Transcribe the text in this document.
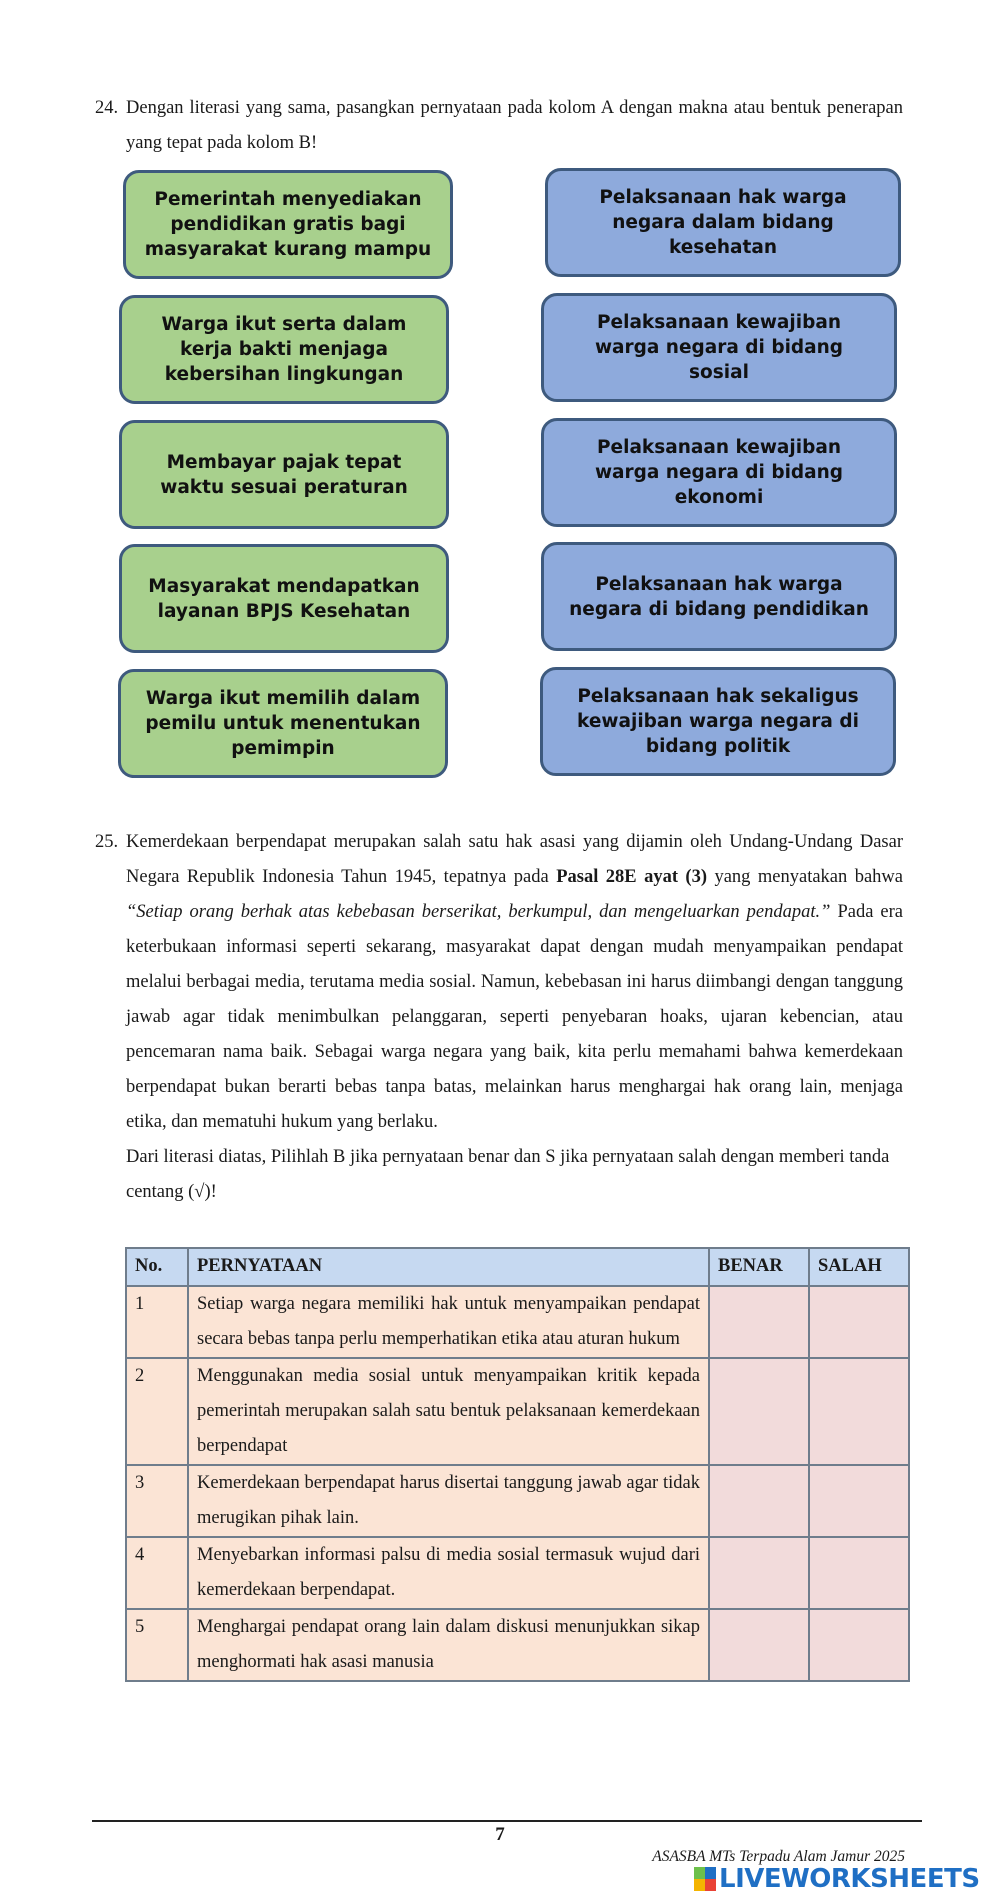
24. Dengan literasi yang sama, pasangkan pernyataan pada kolom A dengan makna atau bentuk penerapan yang tepat pada kolom B!

Pemerintah menyediakan pendidikan gratis bagi masyarakat kurang mampu
Warga ikut serta dalam kerja bakti menjaga kebersihan lingkungan
Membayar pajak tepat waktu sesuai peraturan
Masyarakat mendapatkan layanan BPJS Kesehatan
Warga ikut memilih dalam pemilu untuk menentukan pemimpin
Pelaksanaan hak warga negara dalam bidang kesehatan
Pelaksanaan kewajiban warga negara di bidang sosial
Pelaksanaan kewajiban warga negara di bidang ekonomi
Pelaksanaan hak warga negara di bidang pendidikan
Pelaksanaan hak sekaligus kewajiban warga negara di bidang politik
25. Kemerdekaan berpendapat merupakan salah satu hak asasi yang dijamin oleh Undang-Undang Dasar Negara Republik Indonesia Tahun 1945, tepatnya pada Pasal 28E ayat (3) yang menyatakan bahwa “Setiap orang berhak atas kebebasan berserikat, berkumpul, dan mengeluarkan pendapat.” Pada era keterbukaan informasi seperti sekarang, masyarakat dapat dengan mudah menyampaikan pendapat melalui berbagai media, terutama media sosial. Namun, kebebasan ini harus diimbangi dengan tanggung jawab agar tidak menimbulkan pelanggaran, seperti penyebaran hoaks, ujaran kebencian, atau pencemaran nama baik. Sebagai warga negara yang baik, kita perlu memahami bahwa kemerdekaan berpendapat bukan berarti bebas tanpa batas, melainkan harus menghargai hak orang lain, menjaga etika, dan mematuhi hukum yang berlaku.

Dari literasi diatas, Pilihlah B jika pernyataan benar dan S jika pernyataan salah dengan memberi tanda centang (√)!

No.	PERNYATAAN	BENAR	SALAH
1	Setiap warga negara memiliki hak untuk menyampaikan pendapat secara bebas tanpa perlu memperhatikan etika atau aturan hukum		
2	Menggunakan media sosial untuk menyampaikan kritik kepada pemerintah merupakan salah satu bentuk pelaksanaan kemerdekaan berpendapat		
3	Kemerdekaan berpendapat harus disertai tanggung jawab agar tidak merugikan pihak lain.		
4	Menyebarkan informasi palsu di media sosial termasuk wujud dari kemerdekaan berpendapat.		
5	Menghargai pendapat orang lain dalam diskusi menunjukkan sikap menghormati hak asasi manusia		
7
ASASBA MTs Terpadu Alam Jamur 2025
LIVEWORKSHEETS
